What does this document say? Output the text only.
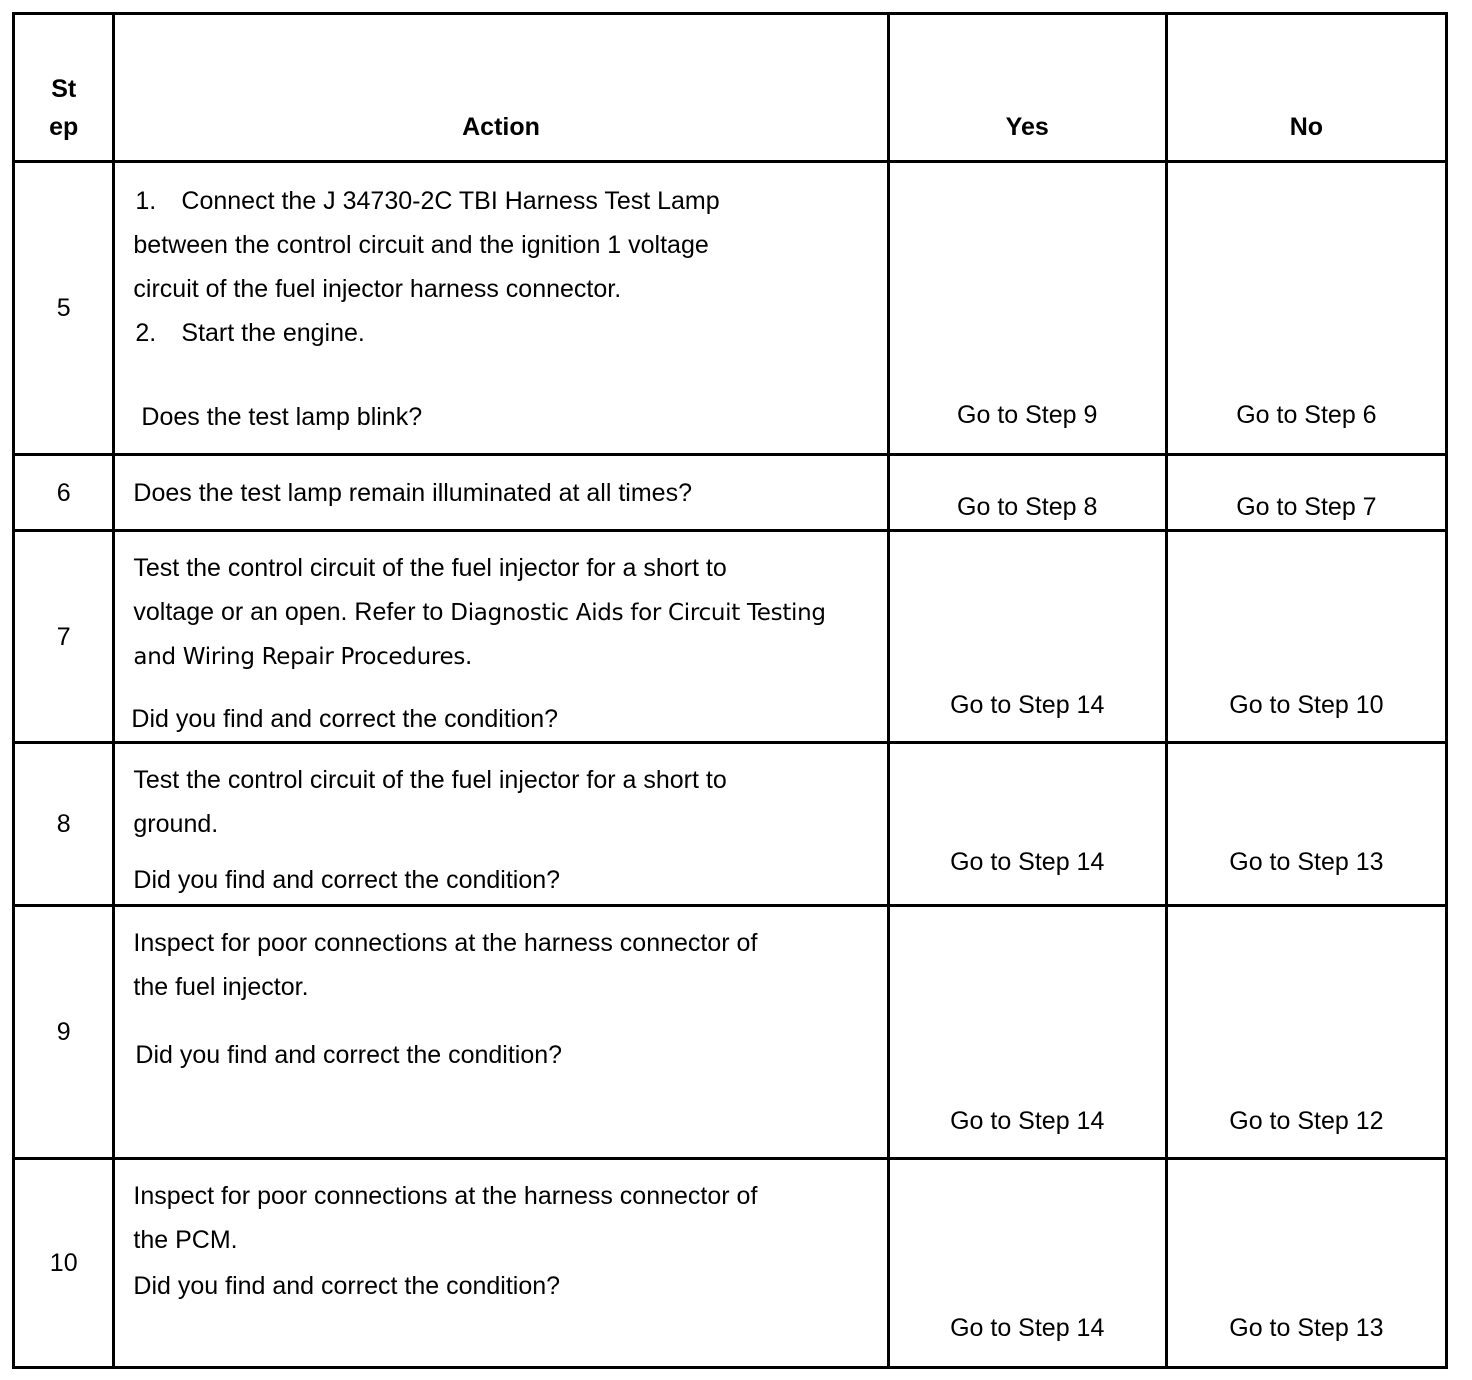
St
ep	Action	Yes	No
5	1. Connect the J 34730-2C TBI Harness Test Lamp
between the control circuit and the ignition 1 voltage
circuit of the fuel injector harness connector.
2. Start the engine.
Does the test lamp blink?	Go to Step 9	Go to Step 6

6	Does the test lamp remain illuminated at all times?	Go to Step 8	Go to Step 7

7	Test the control circuit of the fuel injector for a short to
voltage or an open. Refer to Diagnostic Aids for Circuit Testing
and Wiring Repair Procedures.
Did you find and correct the condition?	Go to Step 14	Go to Step 10

8	Test the control circuit of the fuel injector for a short to
ground.
Did you find and correct the condition?	Go to Step 14	Go to Step 13

9	Inspect for poor connections at the harness connector of
the fuel injector.
Did you find and correct the condition?	Go to Step 14	Go to Step 12

10	Inspect for poor connections at the harness connector of
the PCM.
Did you find and correct the condition?	Go to Step 14	Go to Step 13
